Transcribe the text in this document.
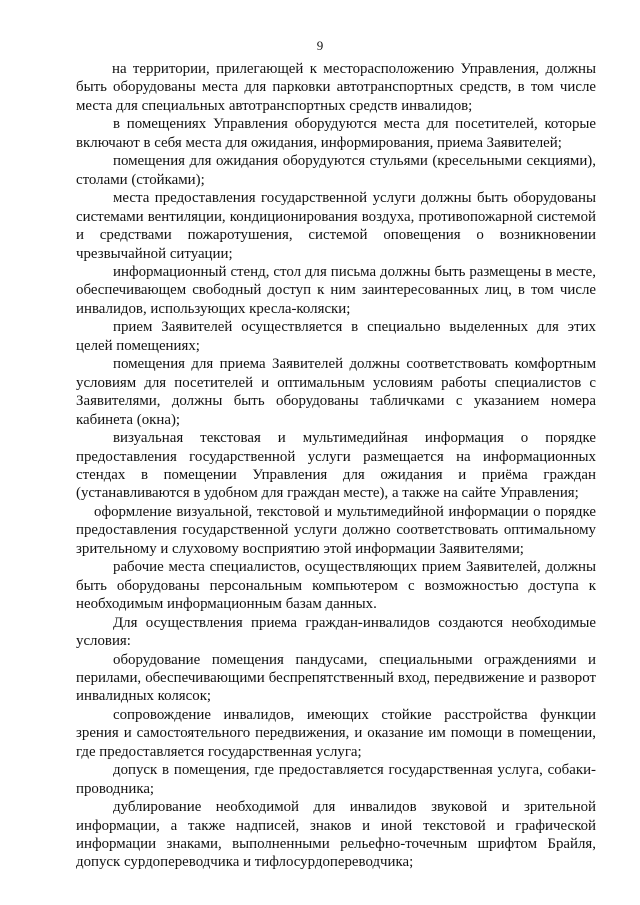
9

на территории, прилегающей к месторасположению Управления, должны быть оборудованы места для парковки автотранспортных средств, в том числе места для специальных автотранспортных средств инвалидов;

в помещениях Управления оборудуются места для посетителей, которые включают в себя места для ожидания, информирования, приема Заявителей;

помещения для ожидания оборудуются стульями (кресельными секциями), столами (стойками);

места предоставления государственной услуги должны быть оборудованы системами вентиляции, кондиционирования воздуха, противопожарной системой и средствами пожаротушения, системой оповещения о возникновении чрезвычайной ситуации;

информационный стенд, стол для письма должны быть размещены в месте, обеспечивающем свободный доступ к ним заинтересованных лиц, в том числе инвалидов, использующих кресла-коляски;

прием Заявителей осуществляется в специально выделенных для этих целей помещениях;

помещения для приема Заявителей должны соответствовать комфортным условиям для посетителей и оптимальным условиям работы специалистов с Заявителями, должны быть оборудованы табличками с указанием номера кабинета (окна);

визуальная текстовая и мультимедийная информация о порядке предоставления государственной услуги размещается на информационных стендах в помещении Управления для ожидания и приёма граждан (устанавливаются в удобном для граждан месте), а также на сайте Управления;

оформление визуальной, текстовой и мультимедийной информации о порядке предоставления государственной услуги должно соответствовать оптимальному зрительному и слуховому восприятию этой информации Заявителями;

рабочие места специалистов, осуществляющих прием Заявителей, должны быть оборудованы персональным компьютером с возможностью доступа к необходимым информационным базам данных.

Для осуществления приема граждан-инвалидов создаются необходимые условия:

оборудование помещения пандусами, специальными ограждениями и перилами, обеспечивающими беспрепятственный вход, передвижение и разворот инвалидных колясок;

сопровождение инвалидов, имеющих стойкие расстройства функции зрения и самостоятельного передвижения, и оказание им помощи в помещении, где предоставляется государственная услуга;

допуск в помещения, где предоставляется государственная услуга, собаки-проводника;

дублирование необходимой для инвалидов звуковой и зрительной информации, а также надписей, знаков и иной текстовой и графической информации знаками, выполненными рельефно-точечным шрифтом Брайля, допуск сурдопереводчика и тифлосурдопереводчика;
